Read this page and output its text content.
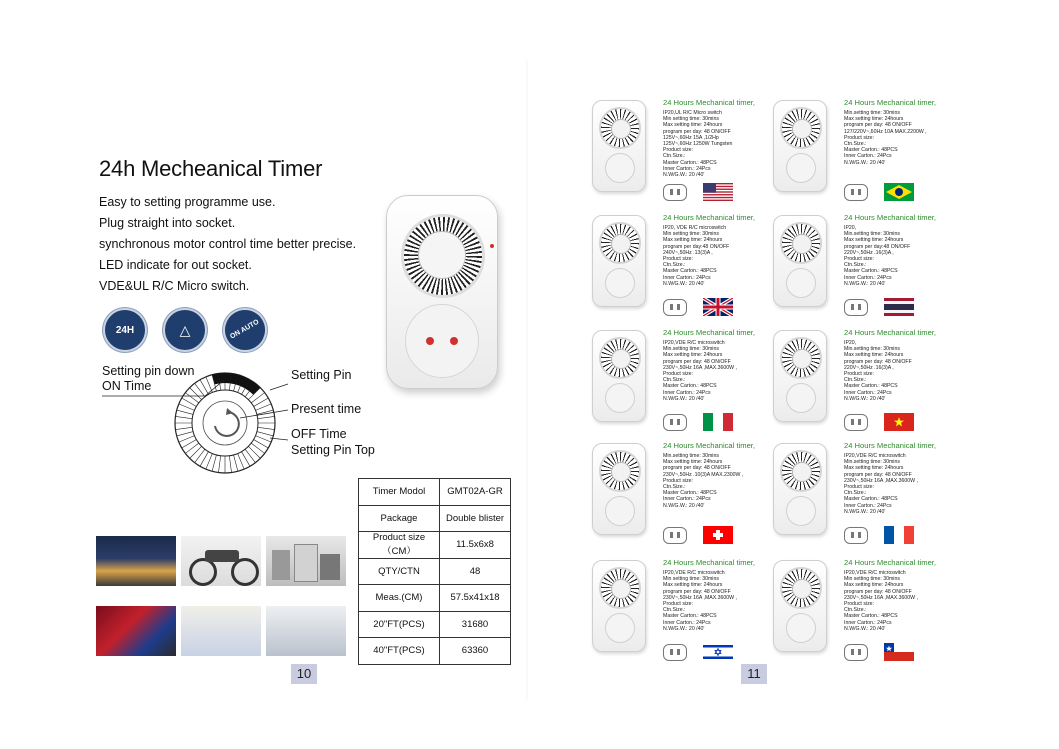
24h Mecheanical Timer
Easy to setting programme use.
Plug straight into socket.
synchronous motor control time better precise.
LED indicate for out socket.
VDE&UL R/C Micro switch.
24H	△	ON AUTO
Setting pin down
ON Time
Setting Pin
Present time
OFF Time
Setting Pin Top
Timer Modol	GMT02A-GR
Package	Double blister
Product size（CM）	11.5x6x8
QTY/CTN	48
Meas.(CM)	57.5x41x18
20"FT(PCS)	31680
40"FT(PCS)	63360
10
24 Hours Mechanical timer,
IP20,UL R/C Micro switch
Min setting time: 30mins
Max setting time: 24hours
program per day: 48 ON/OFF
125V~,60Hz 15A ,1/2Hp
125V~,60Hz 1250W Tungsten
Product size:
Ctn.Size.:
Master Carton.: 48PCS
Inner Carton.: 24Pcs
N.W/G.W.: 20 /40'
24 Hours Mechanical timer,
Min.setting time: 30mins
Max setting time: 24hours
program per day: 48 ON/OFF
127/220V~,60Hz 10A MAX.2200W ,
Product size:
Ctn.Size.:
Master Carton.: 48PCS
Inner Carton.: 24Pcs
N.W/G.W.: 20 /40'
24 Hours Mechanical timer,
IP20, VDE R/C microswitch
Min setting time: 30mins
Max setting time: 24hours
program per day:48 ON/OFF
240V~,50Hz .13(3)A ,
Product size:
Ctn.Size.:
Master Carton.: 48PCS
Inner Carton.: 24Pcs
N.W/G.W.: 20 /40'
24 Hours Mechanical timer,
IP20,
Min.setting time: 30mins
Max setting time: 24hours
program per day:48 ON/OFF
220V~,50Hz .16(3)A ,
Product size:
Ctn.Size.:
Master Carton.: 48PCS
Inner Carton.: 24Pcs
N.W/G.W.: 20 /40'
24 Hours Mechanical timer,
IP20,VDE R/C microswitch
Min.setting time: 30mins
Max setting time: 24hours
program per day: 48 ON/OFF
230V~,50Hz 16A ,MAX.3600W ,
Product size:
Ctn.Size.:
Master Carton.: 48PCS
Inner Carton.: 24Pcs
N.W/G.W.: 20 /40'
24 Hours Mechanical timer,
IP20,
Min.setting time: 30mins
Max setting time: 24hours
program per day: 48 ON/OFF
220V~,50Hz .16(3)A ,
Product size:
Ctn.Size.:
Master Carton.: 48PCS
Inner Carton.: 24Pcs
N.W/G.W.: 20 /40'
24 Hours Mechanical timer,
Min.setting time: 30mins
Max setting time: 24hours
program per day: 48 ON/OFF
230V~,50Hz .10(3)A MAX.2300W ,
Product size:
Ctn.Size.:
Master Carton.: 48PCS
Inner Carton.: 24Pcs
N.W/G.W.: 20 /40'
24 Hours Mechanical timer,
IP20,VDE R/C microswitch
Min.setting time: 30mins
Max setting time: 24hours
program per day: 48 ON/OFF
230V~,50Hz 16A ,MAX.3600W ,
Product size:
Ctn.Size.:
Master Carton.: 48PCS
Inner Carton.: 24Pcs
N.W/G.W.: 20 /40'
24 Hours Mechanical timer,
IP20,VDE R/C microswitch
Min setting time: 30mins
Max setting time: 24hours
program per day: 48 ON/OFF
230V~,50Hz 16A ,MAX.3600W ,
Product size:
Ctn.Size.:
Master Carton.: 48PCS
Inner Carton.: 24Pcs
N.W/G.W.: 20 /40'
24 Hours Mechanical timer,
IP20,VDE R/C microswitch
Min setting time: 30mins
Max setting time: 24hours
program per day: 48 ON/OFF
230V~,50Hz 16A ,MAX.3600W ,
Product size:
Ctn.Size.:
Master Carton.: 48PCS
Inner Carton.: 24Pcs
N.W/G.W.: 20 /40'
11
